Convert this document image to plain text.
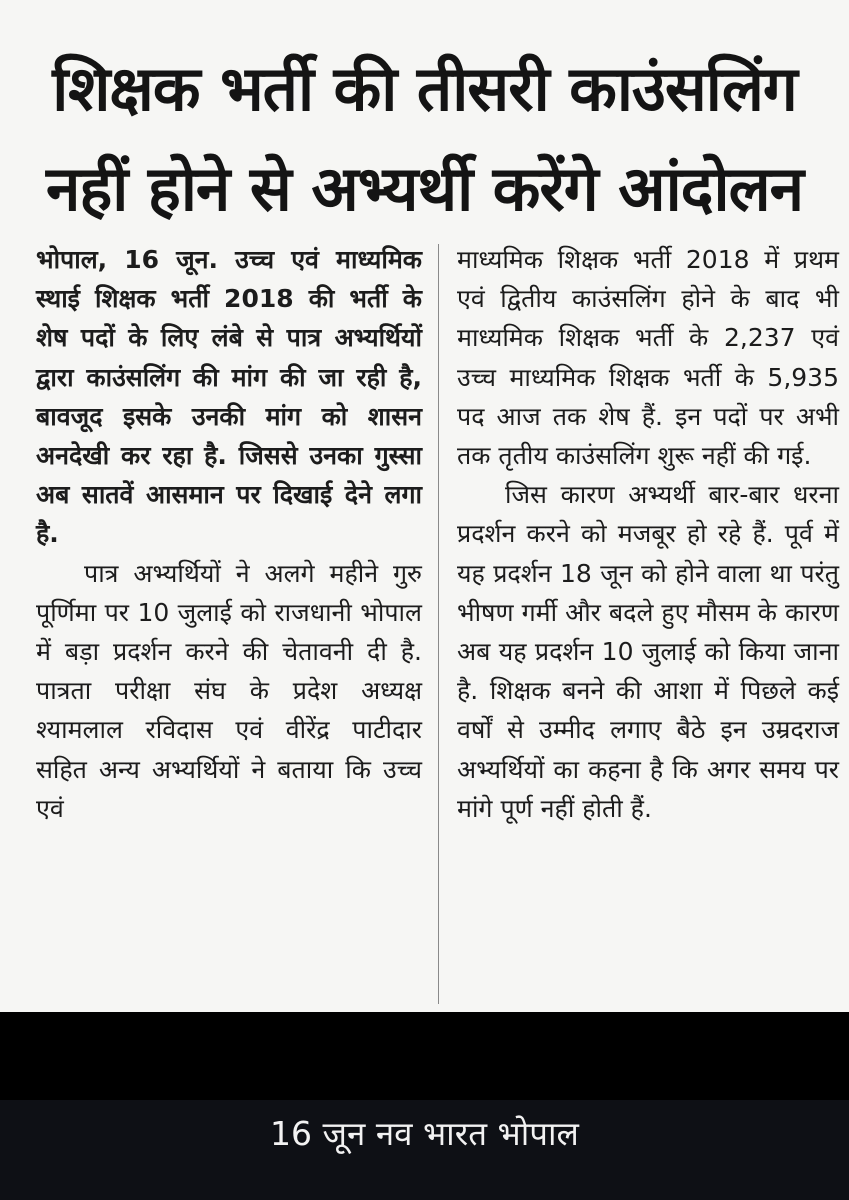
शिक्षक भर्ती की तीसरी काउंसलिंग
नहीं होने से अभ्यर्थी करेंगे आंदोलन

भोपाल, 16 जून. उच्च एवं माध्यमिक स्थाई शिक्षक भर्ती 2018 की भर्ती के शेष पदों के लिए लंबे से पात्र अभ्यर्थियों द्वारा काउंसलिंग की मांग की जा रही है, बावजूद इसके उनकी मांग को शासन अनदेखी कर रहा है. जिससे उनका गुस्सा अब सातवें आसमान पर दिखाई देने लगा है.

पात्र अभ्यर्थियों ने अलगे महीने गुरु पूर्णिमा पर 10 जुलाई को राजधानी भोपाल में बड़ा प्रदर्शन करने की चेतावनी दी है. पात्रता परीक्षा संघ के प्रदेश अध्यक्ष श्यामलाल रविदास एवं वीरेंद्र पाटीदार सहित अन्य अभ्यर्थियों ने बताया कि उच्च एवं

माध्यमिक शिक्षक भर्ती 2018 में प्रथम एवं द्वितीय काउंसलिंग होने के बाद भी माध्यमिक शिक्षक भर्ती के 2,237 एवं उच्च माध्यमिक शिक्षक भर्ती के 5,935 पद आज तक शेष हैं. इन पदों पर अभी तक तृतीय काउंसलिंग शुरू नहीं की गई.

जिस कारण अभ्यर्थी बार-बार धरना प्रदर्शन करने को मजबूर हो रहे हैं. पूर्व में यह प्रदर्शन 18 जून को होने वाला था परंतु भीषण गर्मी और बदले हुए मौसम के कारण अब यह प्रदर्शन 10 जुलाई को किया जाना है. शिक्षक बनने की आशा में पिछले कई वर्षों से उम्मीद लगाए बैठे इन उम्रदराज अभ्यर्थियों का कहना है कि अगर समय पर मांगे पूर्ण नहीं होती हैं.

16 जून नव भारत भोपाल
